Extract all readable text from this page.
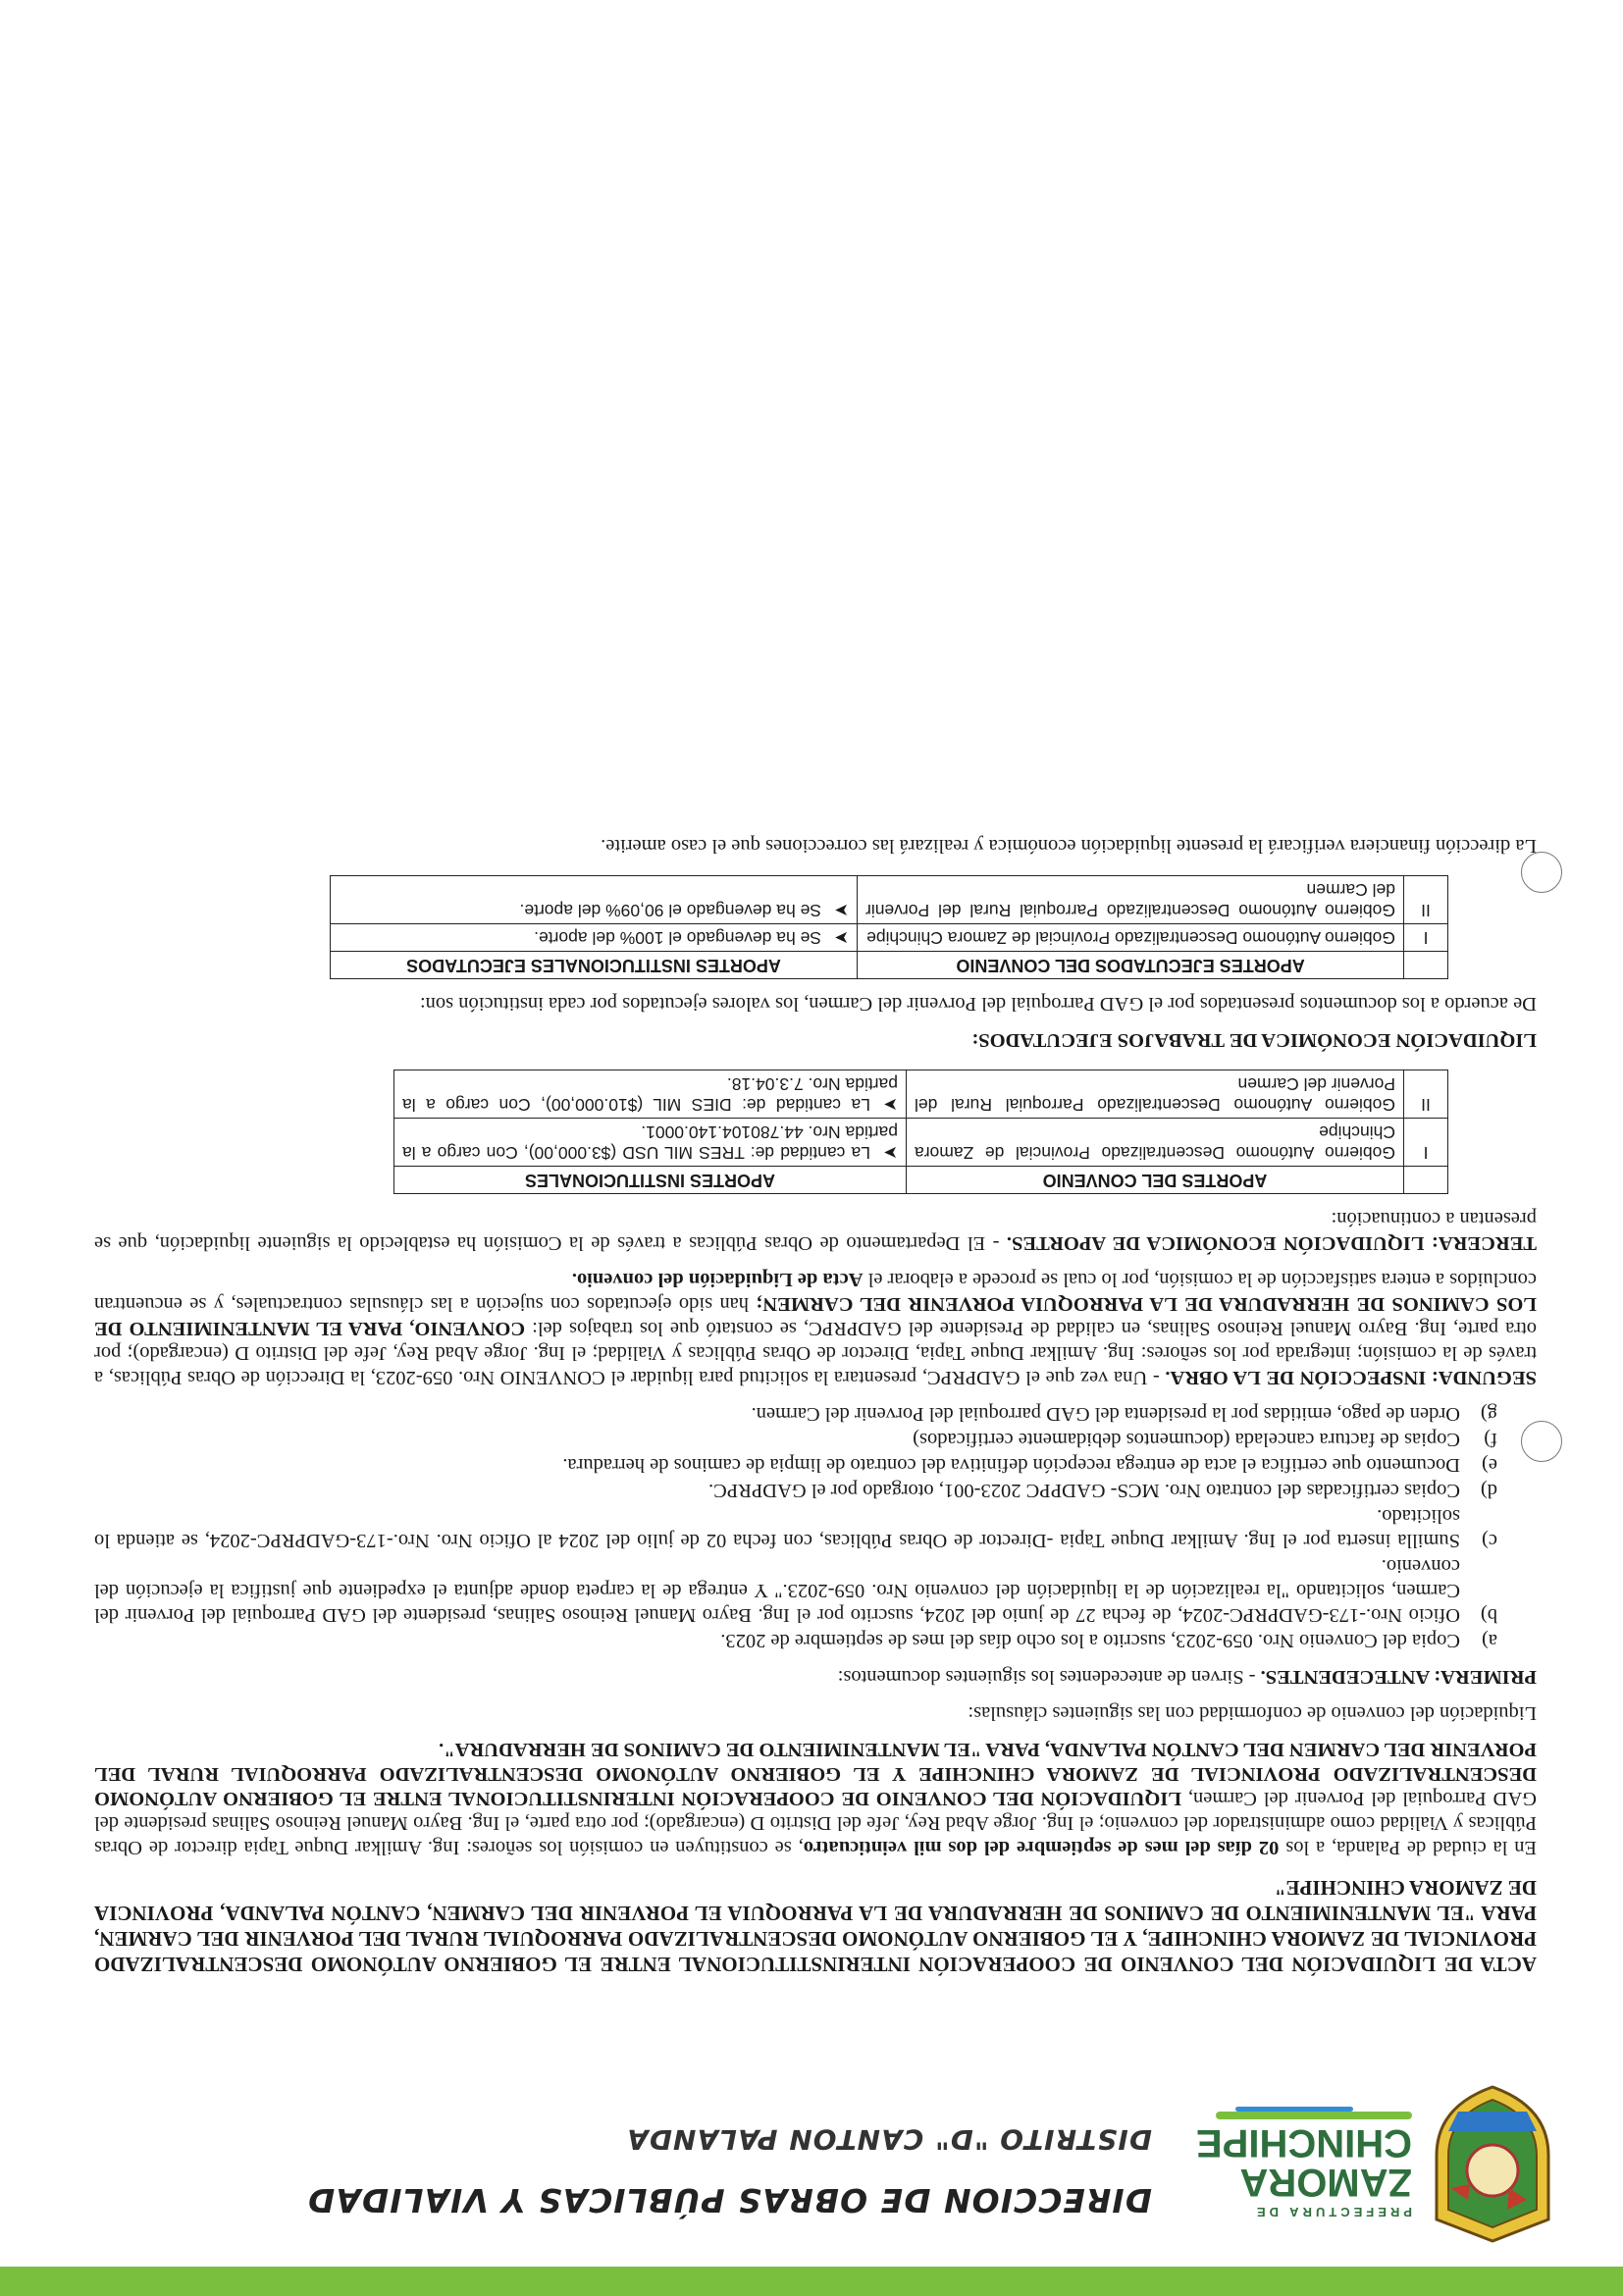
PREFECTURA DE
ZAMORA
CHINCHIPE
DIRECCION DE OBRAS PÚBLICAS Y VIALIDAD
DISTRITO "D" CANTON PALANDA

ACTA DE LIQUIDACIÓN DEL CONVENIO DE COOPERACIÓN INTERINSTITUCIONAL ENTRE EL GOBIERNO AUTÓNOMO DESCENTRALIZADO PROVINCIAL DE ZAMORA CHINCHIPE, Y EL GOBIERNO AUTÓNOMO DESCENTRALIZADO PARROQUIAL RURAL DEL PORVENIR DEL CARMEN, PARA "EL MANTENIMIENTO DE CAMINOS DE HERRADURA DE LA PARROQUIA EL PORVENIR DEL CARMEN, CANTÓN PALANDA, PROVINCIA DE ZAMORA CHINCHIPE"

En la ciudad de Palanda, a los 02 días del mes de septiembre del dos mil veinticuatro, se constituyen en comisión los señores: Ing. Amilkar Duque Tapia director de Obras Públicas y Vialidad como administrador del convenio; el Ing. Jorge Abad Rey, Jefe del Distrito D (encargado); por otra parte, el Ing. Bayro Manuel Reinoso Salinas presidente del GAD Parroquial del Porvenir del Carmen, LIQUIDACIÓN DEL CONVENIO DE COOPERACIÓN INTERINSTITUCIONAL ENTRE EL GOBIERNO AUTÓNOMO DESCENTRALIZADO PROVINCIAL DE ZAMORA CHINCHIPE Y EL GOBIERNO AUTÓNOMO DESCENTRALIZADO PARROQUIAL RURAL DEL PORVENIR DEL CARMEN DEL CANTÓN PALANDA, PARA "EL MANTENIMIENTO DE CAMINOS DE HERRADURA".

Liquidación del convenio de conformidad con las siguientes cláusulas:

PRIMERA: ANTECEDENTES. - Sirven de antecedentes los siguientes documentos:

a)
Copia del Convenio Nro. 059-2023, suscrito a los ocho días del mes de septiembre de 2023.
b)
Oficio Nro.-173-GADPRPC-2024, de fecha 27 de junio del 2024, suscrito por el Ing. Bayro Manuel Reinoso Salinas, presidente del GAD Parroquial del Porvenir del Carmen, solicitando "la realización de la liquidación del convenio Nro. 059-2023." Y entrega de la carpeta donde adjunta el expediente que justifica la ejecución del convenio.
c)
Sumilla inserta por el Ing. Amilkar Duque Tapia -Director de Obras Públicas, con fecha 02 de julio del 2024 al Oficio Nro. Nro.-173-GADPRPC-2024, se atienda lo solicitado.
d)
Copias certificadas del contrato Nro. MCS- GADPPC 2023-001, otorgado por el GADPRPC.
e)
Documento que certifica el acta de entrega recepción definitiva del contrato de limpia de caminos de herradura.
f)
Copias de factura cancelada (documentos debidamente certificados)
g)
Orden de pago, emitidas por la presidenta del GAD parroquial del Porvenir del Carmen.

SEGUNDA: INSPECCIÓN DE LA OBRA. - Una vez que el GADPRPC, presentara la solicitud para liquidar el CONVENIO Nro. 059-2023, la Dirección de Obras Públicas, a través de la comisión; integrada por los señores: Ing. Amilkar Duque Tapia, Director de Obras Públicas y Vialidad; el Ing. Jorge Abad Rey, Jefe del Distrito D (encargado); por otra parte, Ing. Bayro Manuel Reinoso Salinas, en calidad de Presidente del GADPRPC, se constató que los trabajos del: CONVENIO, PARA EL MANTENIMIENTO DE LOS CAMINOS DE HERRADURA DE LA PARROQUIA PORVENIR DEL CARMEN; han sido ejecutados con sujeción a las cláusulas contractuales, y se encuentran concluidos a entera satisfacción de la comisión, por lo cual se procede a elaborar el Acta de Liquidación del convenio.

TERCERA: LIQUIDACIÓN ECONÓMICA DE APORTES. - El Departamento de Obras Públicas a través de la Comisión ha establecido la siguiente liquidación, que se presentan a continuación:

	APORTES DEL CONVENIO	APORTES INSTITUCIONALES
I	Gobierno Autónomo Descentralizado Provincial de Zamora Chinchipe	➤La cantidad de: TRES MIL USD ($3.000,00), Con cargo a la partida Nro. 44.780104.140.0001.
II	Gobierno Autónomo Descentralizado Parroquial Rural del Porvenir del Carmen	➤La cantidad de: DIES MIL ($10.000,00), Con cargo a la partida Nro. 7.3.04.18.

LIQUIDACIÓN ECONÓMICA DE TRABAJOS EJECUTADOS:

De acuerdo a los documentos presentados por el GAD Parroquial del Porvenir del Carmen, los valores ejecutados por cada institución son:

	APORTES EJECUTADOS DEL CONVENIO	APORTES INSTITUCIONALES EJECUTADOS
I	Gobierno Autónomo Descentralizado Provincial de Zamora Chinchipe	➤Se ha devengado el 100% del aporte.
II	Gobierno Autónomo Descentralizado Parroquial Rural del Porvenir del Carmen	➤Se ha devengado el 90,09% del aporte.

La dirección financiera verificará la presente liquidación económica y realizará las correcciones que el caso amerite.
